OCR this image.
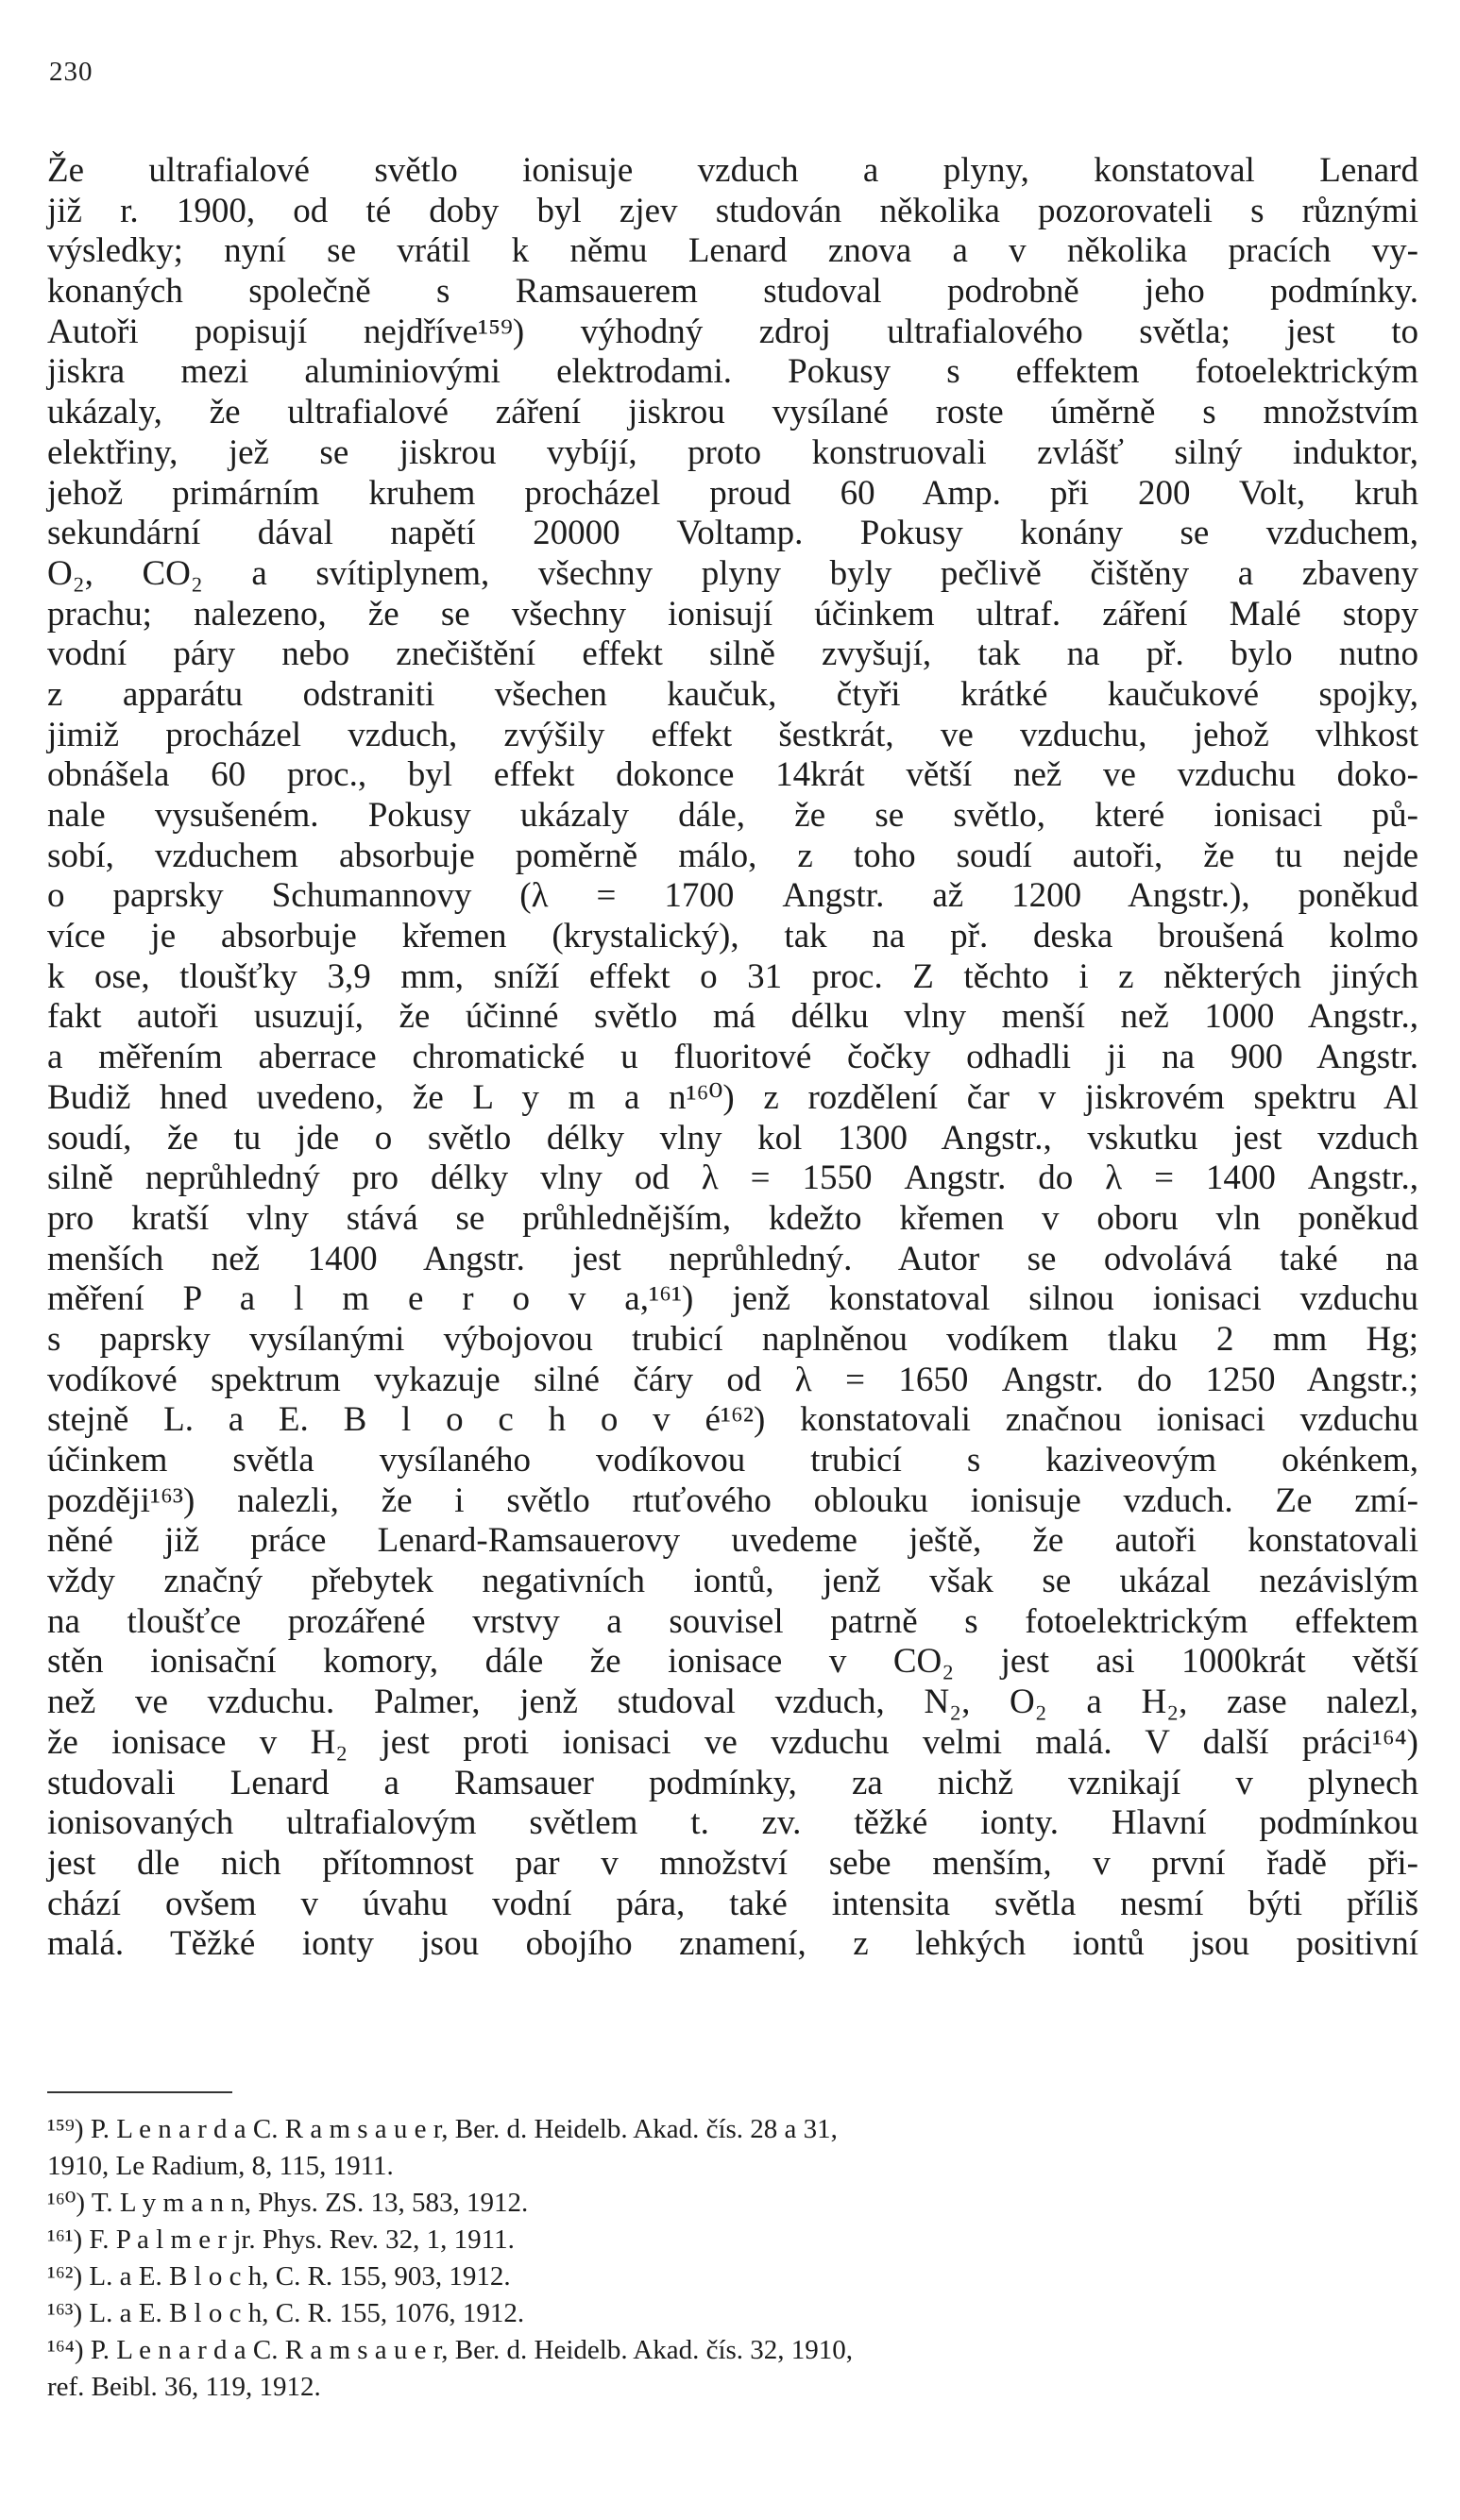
230
Že ultrafialové světlo ionisuje vzduch a plyny, konstatoval Lenard
již r. 1900, od té doby byl zjev studován několika pozorovateli s různými
výsledky; nyní se vrátil k němu Lenard znova a v několika pracích vy-
konaných společně s Ramsauerem studoval podrobně jeho podmínky.
Autoři popisují nejdříve¹⁵⁹) výhodný zdroj ultrafialového světla; jest to
jiskra mezi aluminiovými elektrodami. Pokusy s effektem fotoelektrickým
ukázaly, že ultrafialové záření jiskrou vysílané roste úměrně s množstvím
elektřiny, jež se jiskrou vybíjí, proto konstruovali zvlášť silný induktor,
jehož primárním kruhem procházel proud 60 Amp. při 200 Volt, kruh
sekundární dával napětí 20000 Voltamp. Pokusy konány se vzduchem,
O₂, CO₂ a svítiplynem, všechny plyny byly pečlivě čištěny a zbaveny
prachu; nalezeno, že se všechny ionisují účinkem ultraf. záření Malé stopy
vodní páry nebo znečištění effekt silně zvyšují, tak na př. bylo nutno
z apparátu odstraniti všechen kaučuk, čtyři krátké kaučukové spojky,
jimiž procházel vzduch, zvýšily effekt šestkrát, ve vzduchu, jehož vlhkost
obnášela 60 proc., byl effekt dokonce 14krát větší než ve vzduchu doko-
nale vysušeném. Pokusy ukázaly dále, že se světlo, které ionisaci pů-
sobí, vzduchem absorbuje poměrně málo, z toho soudí autoři, že tu nejde
o paprsky Schumannovy (λ = 1700 Angstr. až 1200 Angstr.), poněkud
více je absorbuje křemen (krystalický), tak na př. deska broušená kolmo
k ose, tloušťky 3,9 mm, sníží effekt o 31 proc. Z těchto i z některých jiných
fakt autoři usuzují, že účinné světlo má délku vlny menší než 1000 Angstr.,
a měřením aberrace chromatické u fluoritové čočky odhadli ji na 900 Angstr.
Budiž hned uvedeno, že L y m a n¹⁶⁰) z rozdělení čar v jiskrovém spektru Al
soudí, že tu jde o světlo délky vlny kol 1300 Angstr., vskutku jest vzduch
silně neprůhledný pro délky vlny od λ = 1550 Angstr. do λ = 1400 Angstr.,
pro kratší vlny stává se průhlednějším, kdežto křemen v oboru vln poněkud
menších než 1400 Angstr. jest neprůhledný. Autor se odvolává také na
měření P a l m e r o v a,¹⁶¹) jenž konstatoval silnou ionisaci vzduchu
s paprsky vysílanými výbojovou trubicí naplněnou vodíkem tlaku 2 mm Hg;
vodíkové spektrum vykazuje silné čáry od λ = 1650 Angstr. do 1250 Angstr.;
stejně L. a E. B l o c h o v é¹⁶²) konstatovali značnou ionisaci vzduchu
účinkem světla vysílaného vodíkovou trubicí s kaziveovým okénkem,
později¹⁶³) nalezli, že i světlo rtuťového oblouku ionisuje vzduch. Ze zmí-
něné již práce Lenard-Ramsauerovy uvedeme ještě, že autoři konstatovali
vždy značný přebytek negativních iontů, jenž však se ukázal nezávislým
na tloušťce prozářené vrstvy a souvisel patrně s fotoelektrickým effektem
stěn ionisační komory, dále že ionisace v CO₂ jest asi 1000krát větší
než ve vzduchu. Palmer, jenž studoval vzduch, N₂, O₂ a H₂, zase nalezl,
že ionisace v H₂ jest proti ionisaci ve vzduchu velmi malá. V další práci¹⁶⁴)
studovali Lenard a Ramsauer podmínky, za nichž vznikají v plynech
ionisovaných ultrafialovým světlem t. zv. těžké ionty. Hlavní podmínkou
jest dle nich přítomnost par v množství sebe menším, v první řadě při-
chází ovšem v úvahu vodní pára, také intensita světla nesmí býti příliš
malá. Těžké ionty jsou obojího znamení, z lehkých iontů jsou positivní
¹⁵⁹) P. L e n a r d a C. R a m s a u e r, Ber. d. Heidelb. Akad. čís. 28 a 31,
1910, Le Radium, 8, 115, 1911.
¹⁶⁰) T. L y m a n n, Phys. ZS. 13, 583, 1912.
¹⁶¹) F. P a l m e r jr. Phys. Rev. 32, 1, 1911.
¹⁶²) L. a E. B l o c h, C. R. 155, 903, 1912.
¹⁶³) L. a E. B l o c h, C. R. 155, 1076, 1912.
¹⁶⁴) P. L e n a r d a C. R a m s a u e r, Ber. d. Heidelb. Akad. čís. 32, 1910,
ref. Beibl. 36, 119, 1912.
